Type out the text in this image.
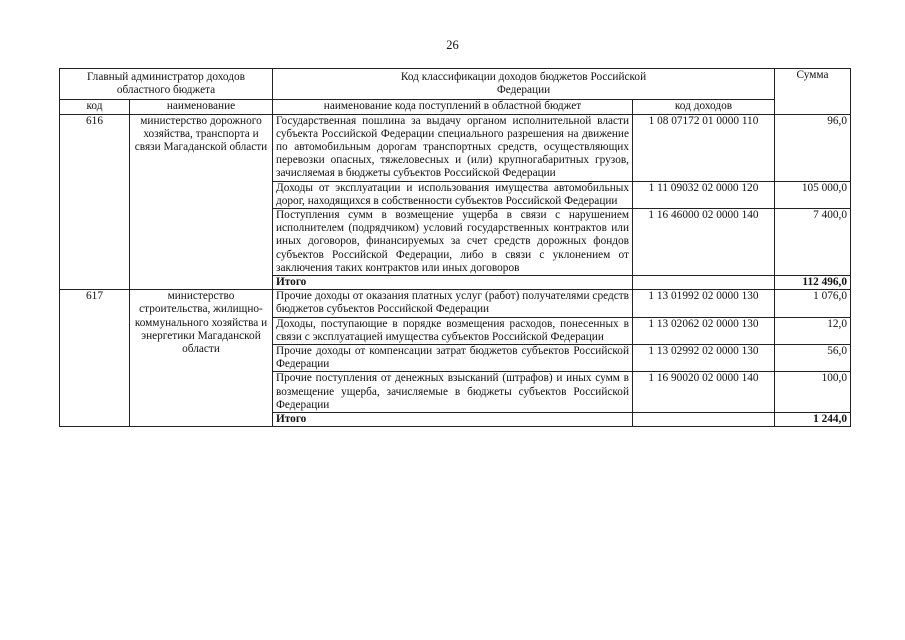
26
Главный администратор доходов областного бюджета		Код классификации доходов бюджетов Российской Федерации		Сумма
код	наименование	наименование кода поступлений в областной бюджет	код доходов	
616	министерство дорожного хозяйства, транспорта и связи Магаданской области	Государственная пошлина за выдачу органом исполнительной власти субъекта Российской Федерации специального разрешения на движение по автомобильным дорогам транспортных средств, осуществляющих перевозки опасных, тяжеловесных и (или) крупногабаритных грузов, зачисляемая в бюджеты субъектов Российской Федерации	1 08 07172 01 0000 110	96,0
		Доходы от эксплуатации и использования имущества автомобильных дорог, находящихся в собственности субъектов Российской Федерации	1 11 09032 02 0000 120	105 000,0
		Поступления сумм в возмещение ущерба в связи с нарушением исполнителем (подрядчиком) условий государственных контрактов или иных договоров, финансируемых за счет средств дорожных фондов субъектов Российской Федерации, либо в связи с уклонением от заключения таких контрактов или иных договоров	1 16 46000 02 0000 140	7 400,0
		Итого		112 496,0
617	министерство строительства, жилищно-коммунального хозяйства и энергетики Магаданской области	Прочие доходы от оказания платных услуг (работ) получателями средств бюджетов субъектов Российской Федерации	1 13 01992 02 0000 130	1 076,0
		Доходы, поступающие в порядке возмещения расходов, понесенных в связи с эксплуатацией имущества субъектов Российской Федерации	1 13 02062 02 0000 130	12,0
		Прочие доходы от компенсации затрат бюджетов субъектов Российской Федерации	1 13 02992 02 0000 130	56,0
		Прочие поступления от денежных взысканий (штрафов) и иных сумм в возмещение ущерба, зачисляемые в бюджеты субъектов Российской Федерации	1 16 90020 02 0000 140	100,0
		Итого		1 244,0
